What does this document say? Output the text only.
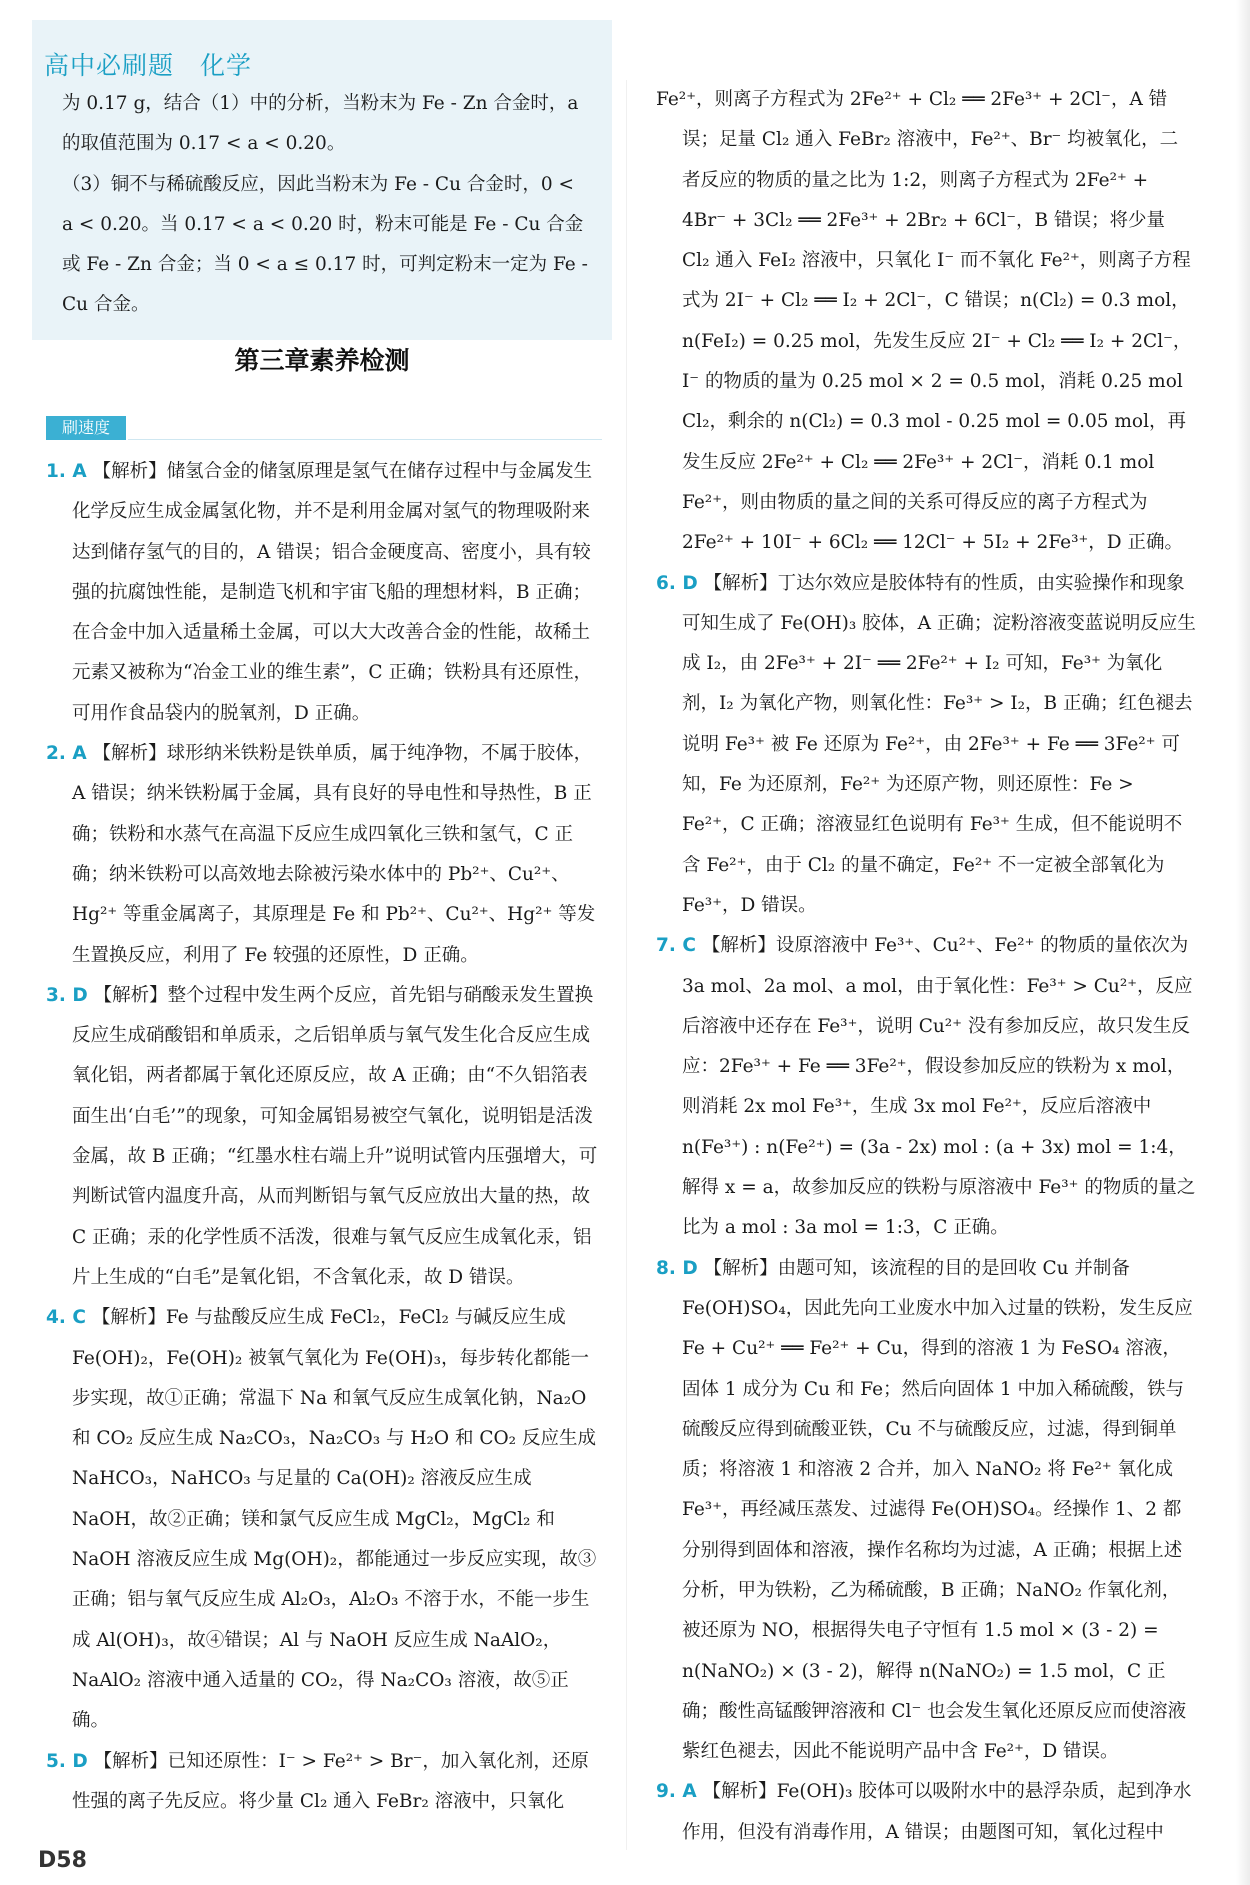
高中必刷题　化学

为 0.17 g，结合（1）中的分析，当粉末为 Fe - Zn 合金时，a

的取值范围为 0.17 < a < 0.20。

（3）铜不与稀硫酸反应，因此当粉末为 Fe - Cu 合金时，0 <

a < 0.20。当 0.17 < a < 0.20 时，粉末可能是 Fe - Cu 合金

或 Fe - Zn 合金；当 0 < a ≤ 0.17 时，可判定粉末一定为 Fe -

Cu 合金。

第三章素养检测
刷速度

1. A 【解析】储氢合金的储氢原理是氢气在储存过程中与金属发生化学反应生成金属氢化物，并不是利用金属对氢气的物理吸附来达到储存氢气的目的，A 错误；铝合金硬度高、密度小，具有较强的抗腐蚀性能，是制造飞机和宇宙飞船的理想材料，B 正确；在合金中加入适量稀土金属，可以大大改善合金的性能，故稀土元素又被称为“冶金工业的维生素”，C 正确；铁粉具有还原性，可用作食品袋内的脱氧剂，D 正确。

2. A 【解析】球形纳米铁粉是铁单质，属于纯净物，不属于胶体，A 错误；纳米铁粉属于金属，具有良好的导电性和导热性，B 正确；铁粉和水蒸气在高温下反应生成四氧化三铁和氢气，C 正确；纳米铁粉可以高效地去除被污染水体中的 Pb²⁺、Cu²⁺、Hg²⁺ 等重金属离子，其原理是 Fe 和 Pb²⁺、Cu²⁺、Hg²⁺ 等发生置换反应，利用了 Fe 较强的还原性，D 正确。

3. D 【解析】整个过程中发生两个反应，首先铝与硝酸汞发生置换反应生成硝酸铝和单质汞，之后铝单质与氧气发生化合反应生成氧化铝，两者都属于氧化还原反应，故 A 正确；由“不久铝箔表面生出‘白毛’”的现象，可知金属铝易被空气氧化，说明铝是活泼金属，故 B 正确；“红墨水柱右端上升”说明试管内压强增大，可判断试管内温度升高，从而判断铝与氧气反应放出大量的热，故 C 正确；汞的化学性质不活泼，很难与氧气反应生成氧化汞，铝片上生成的“白毛”是氧化铝，不含氧化汞，故 D 错误。

4. C 【解析】Fe 与盐酸反应生成 FeCl₂，FeCl₂ 与碱反应生成 Fe(OH)₂，Fe(OH)₂ 被氧气氧化为 Fe(OH)₃，每步转化都能一步实现，故①正确；常温下 Na 和氧气反应生成氧化钠，Na₂O 和 CO₂ 反应生成 Na₂CO₃，Na₂CO₃ 与 H₂O 和 CO₂ 反应生成 NaHCO₃，NaHCO₃ 与足量的 Ca(OH)₂ 溶液反应生成 NaOH，故②正确；镁和氯气反应生成 MgCl₂，MgCl₂ 和 NaOH 溶液反应生成 Mg(OH)₂，都能通过一步反应实现，故③正确；铝与氧气反应生成 Al₂O₃，Al₂O₃ 不溶于水，不能一步生成 Al(OH)₃，故④错误；Al 与 NaOH 反应生成 NaAlO₂，NaAlO₂ 溶液中通入适量的 CO₂，得 Na₂CO₃ 溶液，故⑤正确。

5. D 【解析】已知还原性：I⁻ > Fe²⁺ > Br⁻，加入氧化剂，还原性强的离子先反应。将少量 Cl₂ 通入 FeBr₂ 溶液中，只氧化

Fe²⁺，则离子方程式为 2Fe²⁺ + Cl₂ ══ 2Fe³⁺ + 2Cl⁻，A 错误；足量 Cl₂ 通入 FeBr₂ 溶液中，Fe²⁺、Br⁻ 均被氧化，二者反应的物质的量之比为 1:2，则离子方程式为 2Fe²⁺ + 4Br⁻ + 3Cl₂ ══ 2Fe³⁺ + 2Br₂ + 6Cl⁻，B 错误；将少量 Cl₂ 通入 FeI₂ 溶液中，只氧化 I⁻ 而不氧化 Fe²⁺，则离子方程式为 2I⁻ + Cl₂ ══ I₂ + 2Cl⁻，C 错误；n(Cl₂) = 0.3 mol，n(FeI₂) = 0.25 mol，先发生反应 2I⁻ + Cl₂ ══ I₂ + 2Cl⁻，I⁻ 的物质的量为 0.25 mol × 2 = 0.5 mol，消耗 0.25 mol Cl₂，剩余的 n(Cl₂) = 0.3 mol - 0.25 mol = 0.05 mol，再发生反应 2Fe²⁺ + Cl₂ ══ 2Fe³⁺ + 2Cl⁻，消耗 0.1 mol Fe²⁺，则由物质的量之间的关系可得反应的离子方程式为 2Fe²⁺ + 10I⁻ + 6Cl₂ ══ 12Cl⁻ + 5I₂ + 2Fe³⁺，D 正确。

6. D 【解析】丁达尔效应是胶体特有的性质，由实验操作和现象可知生成了 Fe(OH)₃ 胶体，A 正确；淀粉溶液变蓝说明反应生成 I₂，由 2Fe³⁺ + 2I⁻ ══ 2Fe²⁺ + I₂ 可知，Fe³⁺ 为氧化剂，I₂ 为氧化产物，则氧化性：Fe³⁺ > I₂，B 正确；红色褪去说明 Fe³⁺ 被 Fe 还原为 Fe²⁺，由 2Fe³⁺ + Fe ══ 3Fe²⁺ 可知，Fe 为还原剂，Fe²⁺ 为还原产物，则还原性：Fe > Fe²⁺，C 正确；溶液显红色说明有 Fe³⁺ 生成，但不能说明不含 Fe²⁺，由于 Cl₂ 的量不确定，Fe²⁺ 不一定被全部氧化为 Fe³⁺，D 错误。

7. C 【解析】设原溶液中 Fe³⁺、Cu²⁺、Fe²⁺ 的物质的量依次为 3a mol、2a mol、a mol，由于氧化性：Fe³⁺ > Cu²⁺，反应后溶液中还存在 Fe³⁺，说明 Cu²⁺ 没有参加反应，故只发生反应：2Fe³⁺ + Fe ══ 3Fe²⁺，假设参加反应的铁粉为 x mol，则消耗 2x mol Fe³⁺，生成 3x mol Fe²⁺，反应后溶液中 n(Fe³⁺) : n(Fe²⁺) = (3a - 2x) mol : (a + 3x) mol = 1:4，解得 x = a，故参加反应的铁粉与原溶液中 Fe³⁺ 的物质的量之比为 a mol : 3a mol = 1:3，C 正确。

8. D 【解析】由题可知，该流程的目的是回收 Cu 并制备 Fe(OH)SO₄，因此先向工业废水中加入过量的铁粉，发生反应 Fe + Cu²⁺ ══ Fe²⁺ + Cu，得到的溶液 1 为 FeSO₄ 溶液，固体 1 成分为 Cu 和 Fe；然后向固体 1 中加入稀硫酸，铁与硫酸反应得到硫酸亚铁，Cu 不与硫酸反应，过滤，得到铜单质；将溶液 1 和溶液 2 合并，加入 NaNO₂ 将 Fe²⁺ 氧化成 Fe³⁺，再经减压蒸发、过滤得 Fe(OH)SO₄。经操作 1、2 都分别得到固体和溶液，操作名称均为过滤，A 正确；根据上述分析，甲为铁粉，乙为稀硫酸，B 正确；NaNO₂ 作氧化剂，被还原为 NO，根据得失电子守恒有 1.5 mol × (3 - 2) = n(NaNO₂) × (3 - 2)，解得 n(NaNO₂) = 1.5 mol，C 正确；酸性高锰酸钾溶液和 Cl⁻ 也会发生氧化还原反应而使溶液紫红色褪去，因此不能说明产品中含 Fe²⁺，D 错误。

9. A 【解析】Fe(OH)₃ 胶体可以吸附水中的悬浮杂质，起到净水作用，但没有消毒作用，A 错误；由题图可知，氧化过程中

D58
